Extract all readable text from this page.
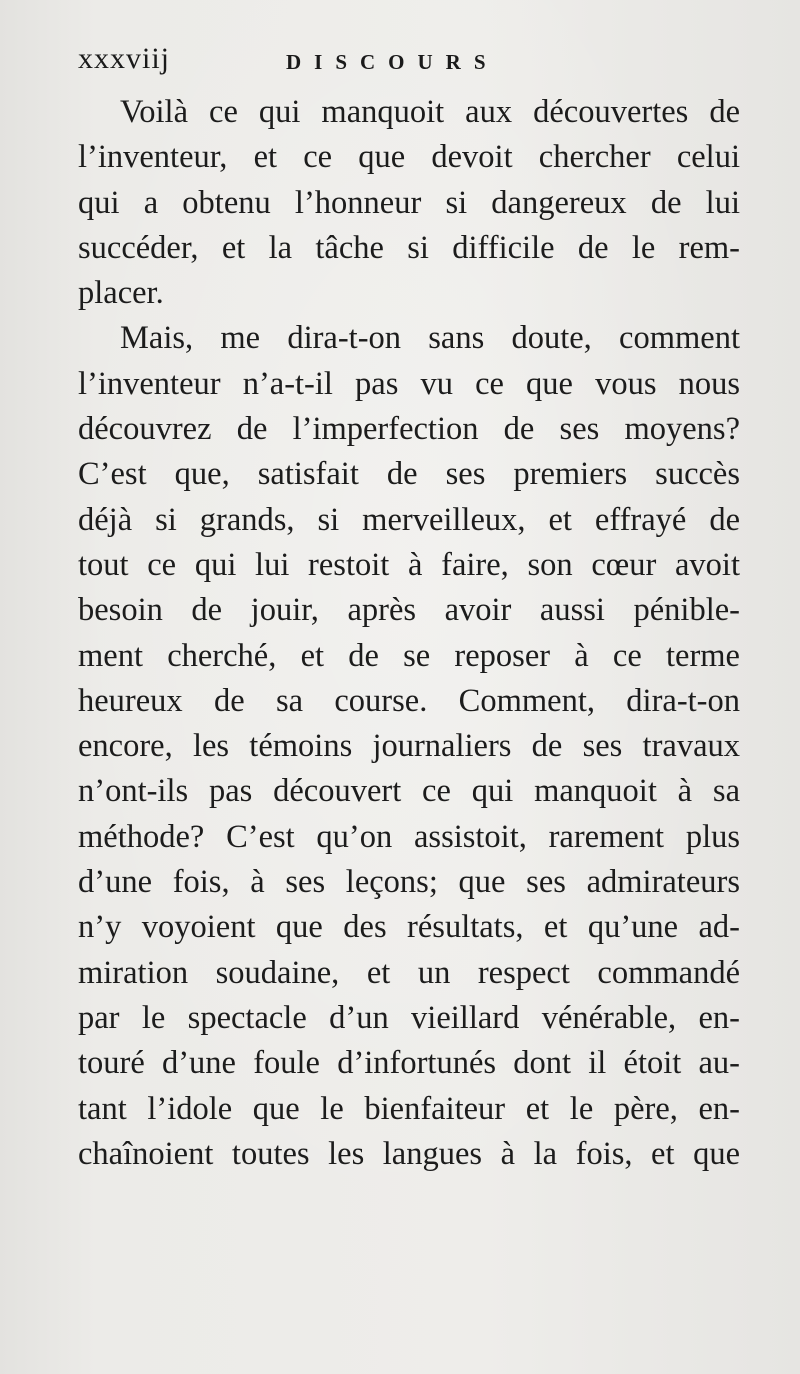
xxxviij	DISCOURS
Voilà ce qui manquoit aux découvertes de
l’inventeur, et ce que devoit chercher celui
qui a obtenu l’honneur si dangereux de lui
succéder, et la tâche si difficile de le rem-
placer.
Mais, me dira-t-on sans doute, comment
l’inventeur n’a-t-il pas vu ce que vous nous
découvrez de l’imperfection de ses moyens?
C’est que, satisfait de ses premiers succès
déjà si grands, si merveilleux, et effrayé de
tout ce qui lui restoit à faire, son cœur avoit
besoin de jouir, après avoir aussi pénible-
ment cherché, et de se reposer à ce terme
heureux de sa course. Comment, dira-t-on
encore, les témoins journaliers de ses travaux
n’ont-ils pas découvert ce qui manquoit à sa
méthode? C’est qu’on assistoit, rarement plus
d’une fois, à ses leçons; que ses admirateurs
n’y voyoient que des résultats, et qu’une ad-
miration soudaine, et un respect commandé
par le spectacle d’un vieillard vénérable, en-
touré d’une foule d’infortunés dont il étoit au-
tant l’idole que le bienfaiteur et le père, en-
chaînoient toutes les langues à la fois, et que
